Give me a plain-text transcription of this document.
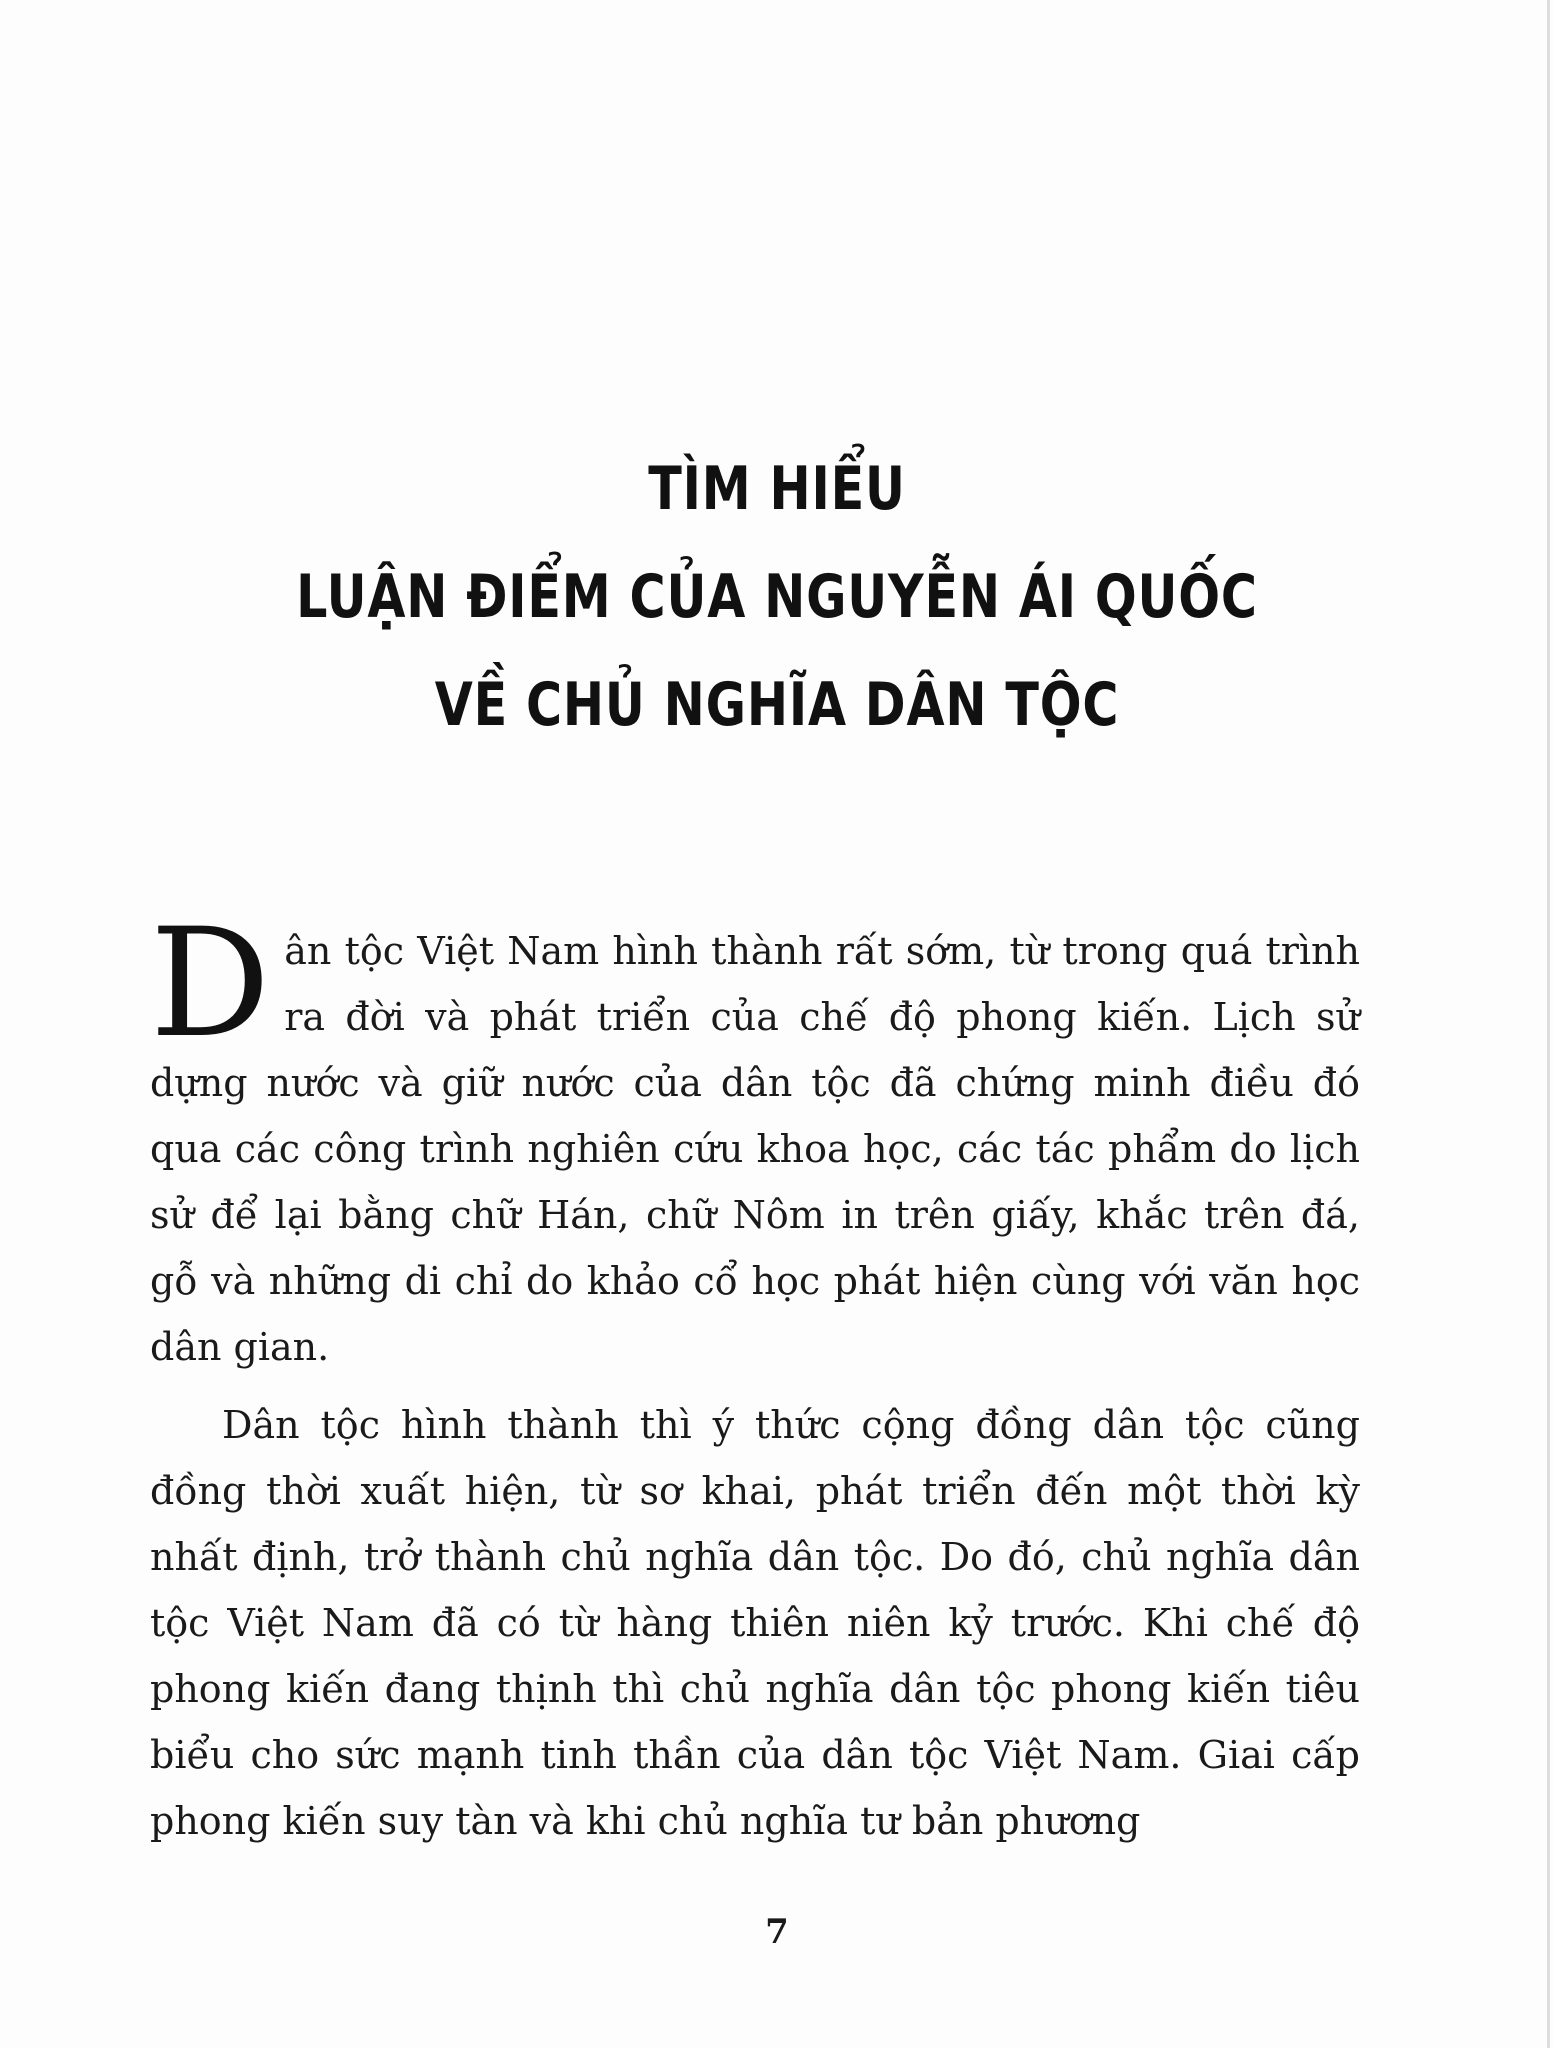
TÌM HIỂU
LUẬN ĐIỂM CỦA NGUYỄN ÁI QUỐC
VỀ CHỦ NGHĨA DÂN TỘC

Dân tộc Việt Nam hình thành rất sớm, từ trong quá trình ra đời và phát triển của chế độ phong kiến. Lịch sử dựng nước và giữ nước của dân tộc đã chứng minh điều đó qua các công trình nghiên cứu khoa học, các tác phẩm do lịch sử để lại bằng chữ Hán, chữ Nôm in trên giấy, khắc trên đá, gỗ và những di chỉ do khảo cổ học phát hiện cùng với văn học dân gian.

Dân tộc hình thành thì ý thức cộng đồng dân tộc cũng đồng thời xuất hiện, từ sơ khai, phát triển đến một thời kỳ nhất định, trở thành chủ nghĩa dân tộc. Do đó, chủ nghĩa dân tộc Việt Nam đã có từ hàng thiên niên kỷ trước. Khi chế độ phong kiến đang thịnh thì chủ nghĩa dân tộc phong kiến tiêu biểu cho sức mạnh tinh thần của dân tộc Việt Nam. Giai cấp phong kiến suy tàn và khi chủ nghĩa tư bản phương

7
